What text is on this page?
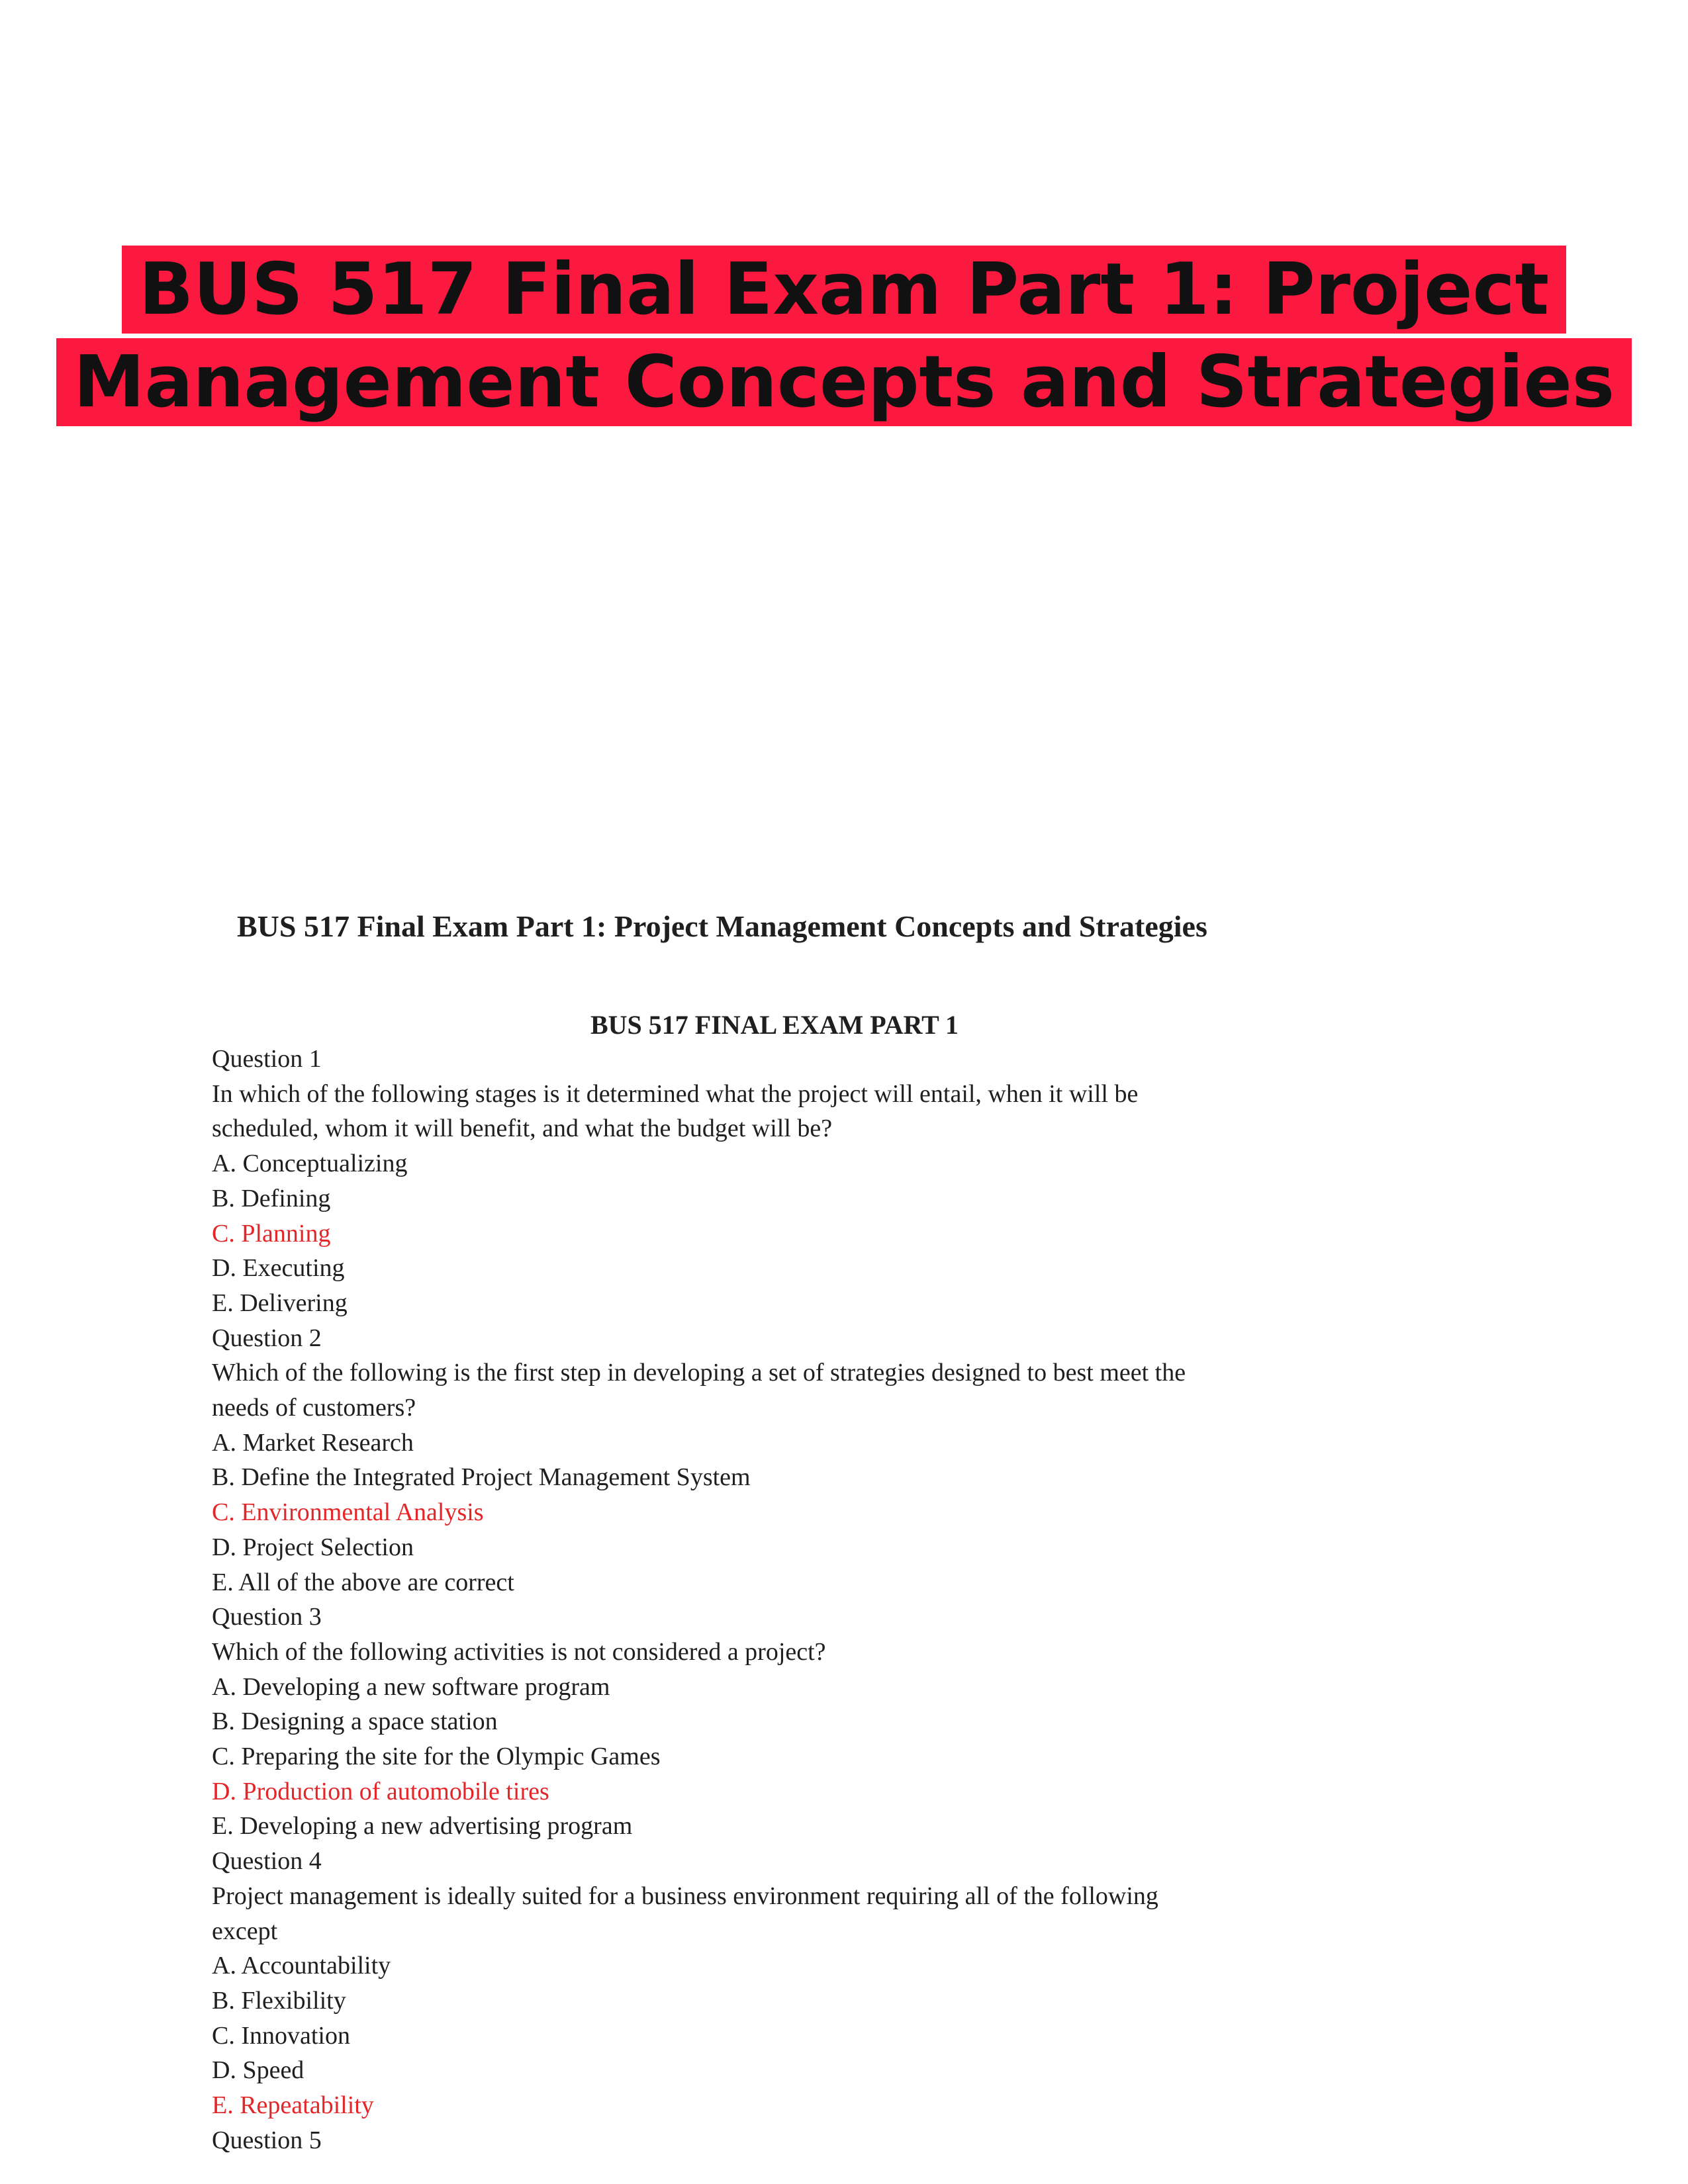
BUS 517 Final Exam Part 1: Project
Management Concepts and Strategies
BUS 517 Final Exam Part 1: Project Management Concepts and Strategies
BUS 517 FINAL EXAM PART 1
Question 1
In which of the following stages is it determined what the project will entail, when it will be
scheduled, whom it will benefit, and what the budget will be?
A. Conceptualizing
B. Defining
C. Planning
D. Executing
E. Delivering
Question 2
Which of the following is the first step in developing a set of strategies designed to best meet the
needs of customers?
A. Market Research
B. Define the Integrated Project Management System
C. Environmental Analysis
D. Project Selection
E. All of the above are correct
Question 3
Which of the following activities is not considered a project?
A. Developing a new software program
B. Designing a space station
C. Preparing the site for the Olympic Games
D. Production of automobile tires
E. Developing a new advertising program
Question 4
Project management is ideally suited for a business environment requiring all of the following
except
A. Accountability
B. Flexibility
C. Innovation
D. Speed
E. Repeatability
Question 5
